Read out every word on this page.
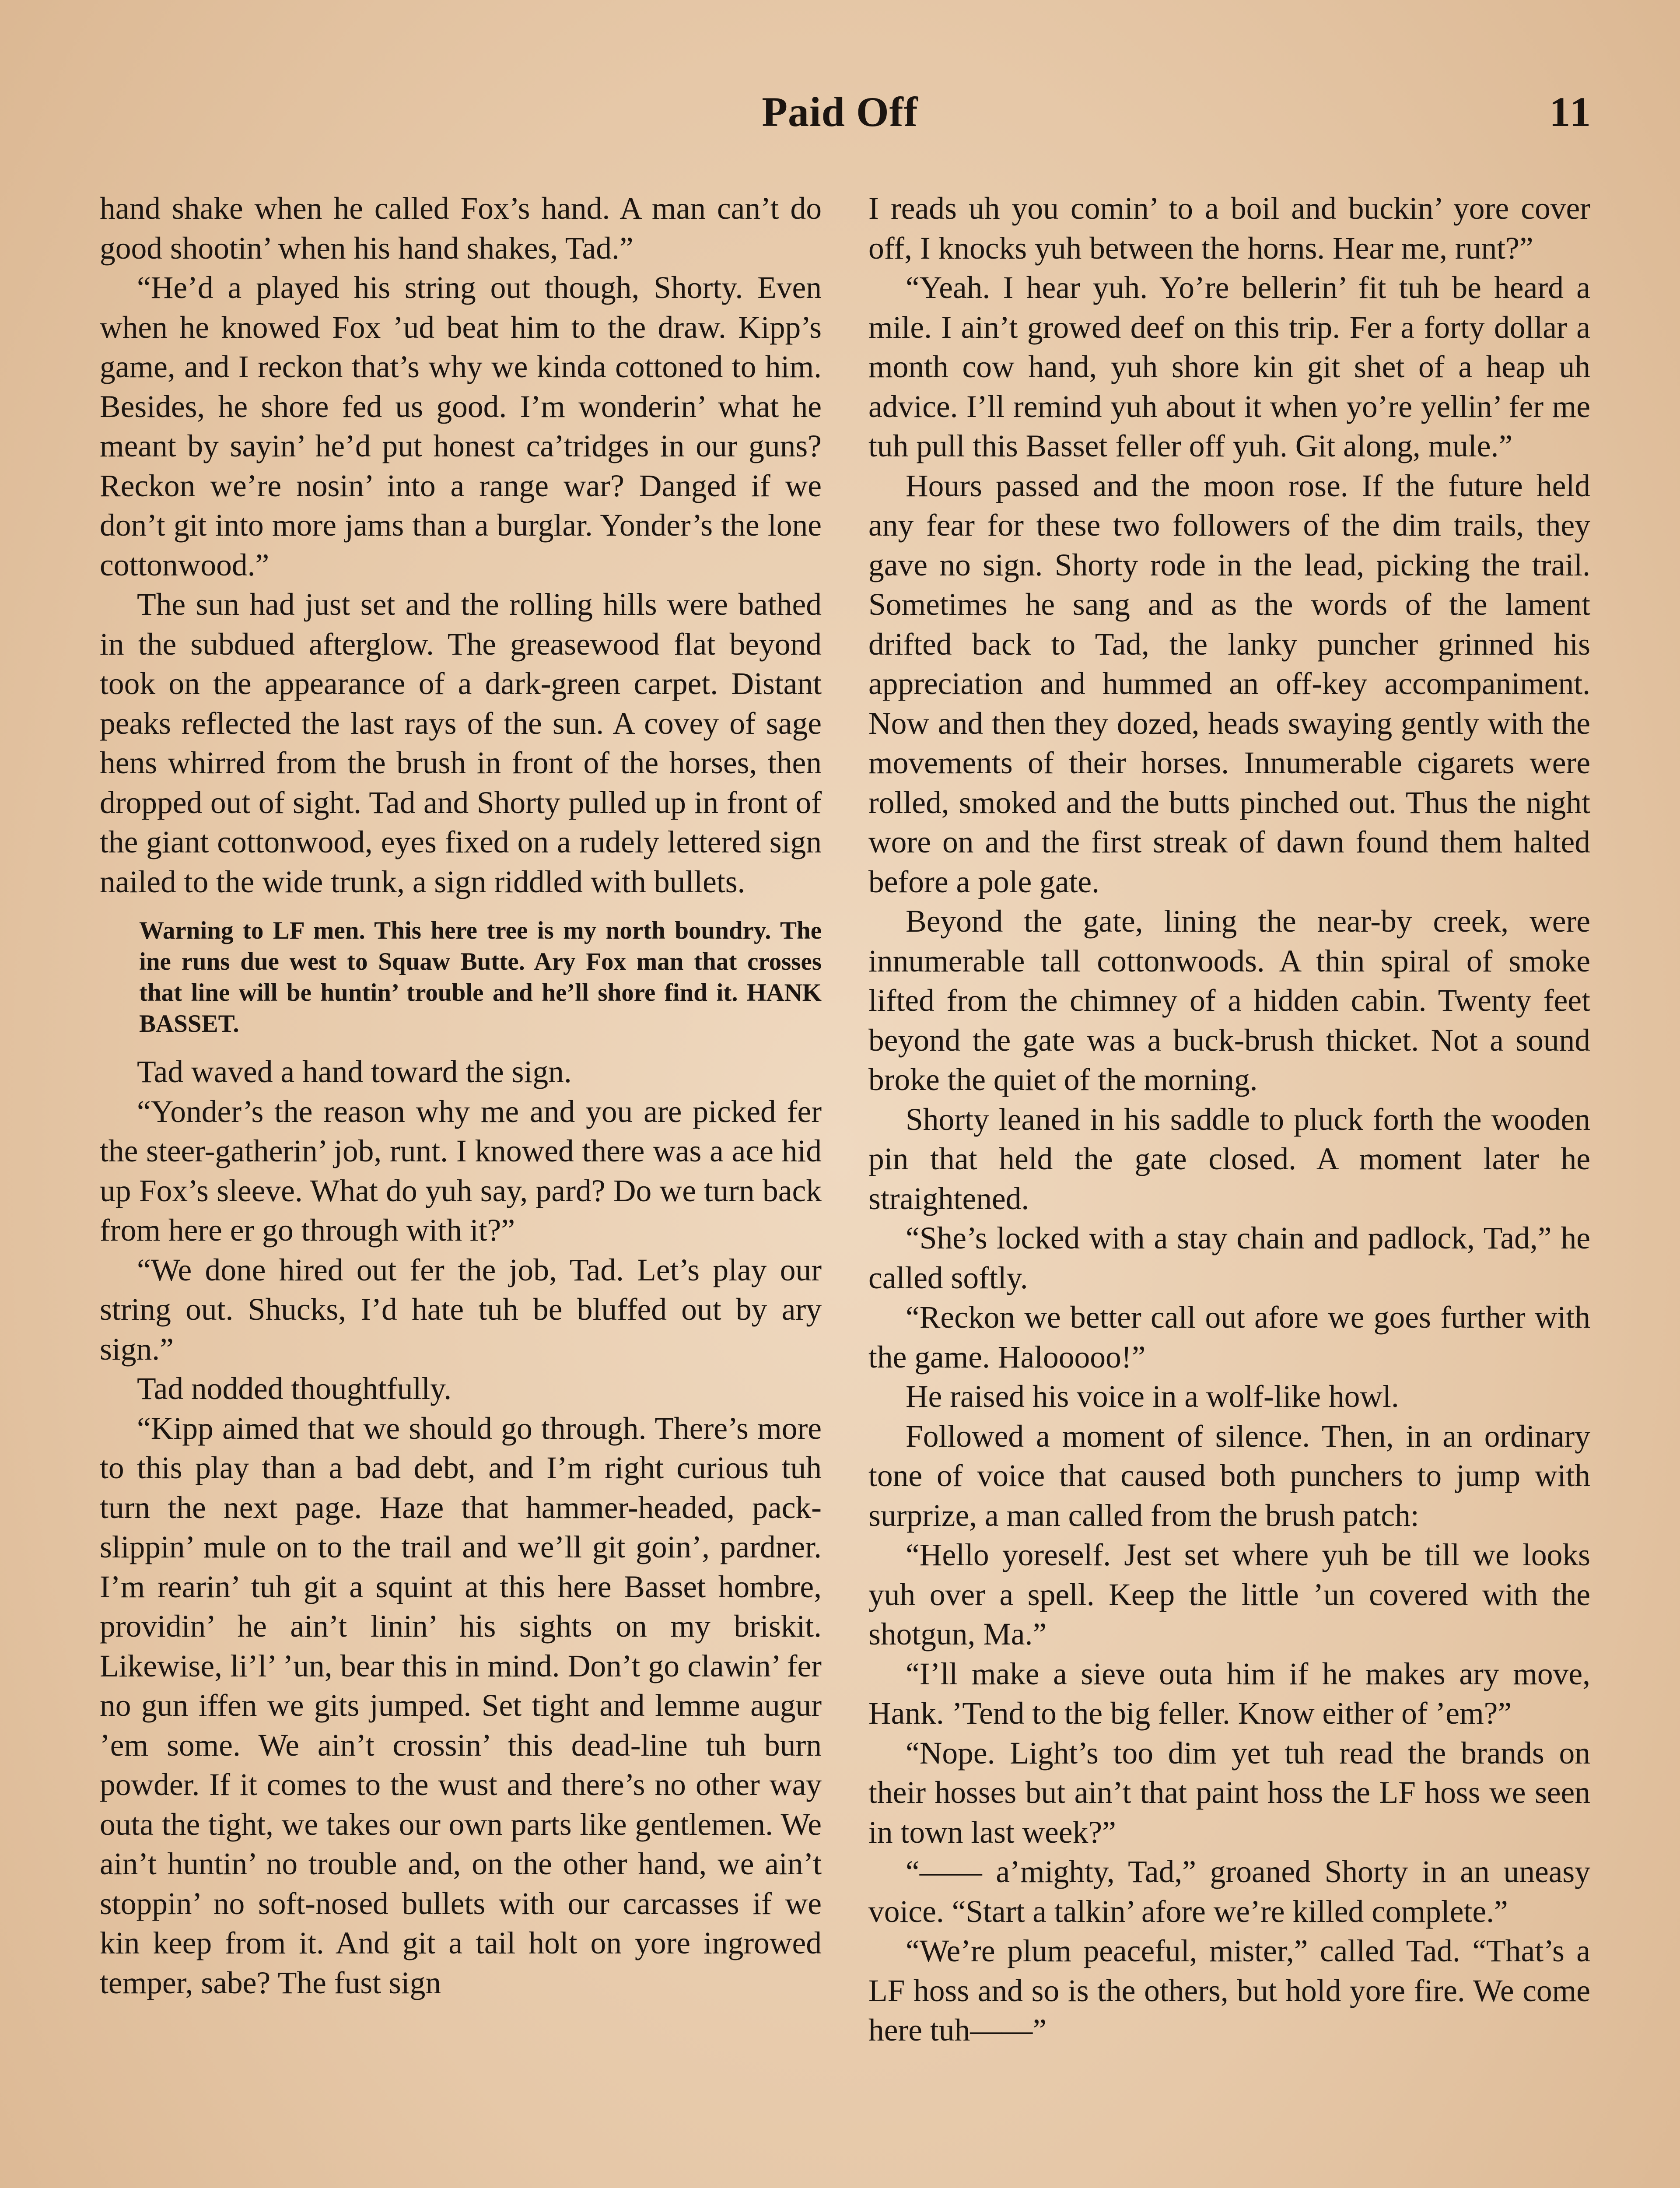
Paid Off	11

hand shake when he called Fox’s hand. A man can’t do good shootin’ when his hand shakes, Tad.”

“He’d a played his string out though, Shorty. Even when he knowed Fox ’ud beat him to the draw. Kipp’s game, and I reckon that’s why we kinda cottoned to him. Besides, he shore fed us good. I’m wonderin’ what he meant by sayin’ he’d put honest ca’tridges in our guns? Reckon we’re nosin’ into a range war? Danged if we don’t git into more jams than a burglar. Yonder’s the lone cottonwood.”

The sun had just set and the rolling hills were bathed in the subdued afterglow. The greasewood flat beyond took on the appearance of a dark-green carpet. Distant peaks reflected the last rays of the sun. A covey of sage hens whirred from the brush in front of the horses, then dropped out of sight. Tad and Shorty pulled up in front of the giant cottonwood, eyes fixed on a rudely lettered sign nailed to the wide trunk, a sign riddled with bullets.

Warning to LF men. This here tree is my north boundry. The ine runs due west to Squaw Butte. Ary Fox man that crosses that line will be huntin’ trouble and he’ll shore find it. HANK BASSET.

Tad waved a hand toward the sign.

“Yonder’s the reason why me and you are picked fer the steer-gatherin’ job, runt. I knowed there was a ace hid up Fox’s sleeve. What do yuh say, pard? Do we turn back from here er go through with it?”

“We done hired out fer the job, Tad. Let’s play our string out. Shucks, I’d hate tuh be bluffed out by ary sign.”

Tad nodded thoughtfully.

“Kipp aimed that we should go through. There’s more to this play than a bad debt, and I’m right curious tuh turn the next page. Haze that hammer-headed, pack-slippin’ mule on to the trail and we’ll git goin’, pardner. I’m rearin’ tuh git a squint at this here Basset hombre, providin’ he ain’t linin’ his sights on my briskit. Likewise, li’l’ ’un, bear this in mind. Don’t go clawin’ fer no gun iffen we gits jumped. Set tight and lemme augur ’em some. We ain’t crossin’ this dead-line tuh burn powder. If it comes to the wust and there’s no other way outa the tight, we takes our own parts like gentlemen. We ain’t huntin’ no trouble and, on the other hand, we ain’t stoppin’ no soft-nosed bullets with our carcasses if we kin keep from it. And git a tail holt on yore ingrowed temper, sabe? The fust sign

I reads uh you comin’ to a boil and buckin’ yore cover off, I knocks yuh between the horns. Hear me, runt?”

“Yeah. I hear yuh. Yo’re bellerin’ fit tuh be heard a mile. I ain’t growed deef on this trip. Fer a forty dollar a month cow hand, yuh shore kin git shet of a heap uh advice. I’ll remind yuh about it when yo’re yellin’ fer me tuh pull this Basset feller off yuh. Git along, mule.”

Hours passed and the moon rose. If the future held any fear for these two followers of the dim trails, they gave no sign. Shorty rode in the lead, picking the trail. Sometimes he sang and as the words of the lament drifted back to Tad, the lanky puncher grinned his appreciation and hummed an off-key accompaniment. Now and then they dozed, heads swaying gently with the movements of their horses. Innumerable cigarets were rolled, smoked and the butts pinched out. Thus the night wore on and the first streak of dawn found them halted before a pole gate.

Beyond the gate, lining the near-by creek, were innumerable tall cottonwoods. A thin spiral of smoke lifted from the chimney of a hidden cabin. Twenty feet beyond the gate was a buck-brush thicket. Not a sound broke the quiet of the morning.

Shorty leaned in his saddle to pluck forth the wooden pin that held the gate closed. A moment later he straightened.

“She’s locked with a stay chain and padlock, Tad,” he called softly.

“Reckon we better call out afore we goes further with the game. Halooooo!”

He raised his voice in a wolf-like howl.

Followed a moment of silence. Then, in an ordinary tone of voice that caused both punchers to jump with surprize, a man called from the brush patch:

“Hello yoreself. Jest set where yuh be till we looks yuh over a spell. Keep the little ’un covered with the shotgun, Ma.”

“I’ll make a sieve outa him if he makes ary move, Hank. ’Tend to the big feller. Know either of ’em?”

“Nope. Light’s too dim yet tuh read the brands on their hosses but ain’t that paint hoss the LF hoss we seen in town last week?”

“—— a’mighty, Tad,” groaned Shorty in an uneasy voice. “Start a talkin’ afore we’re killed complete.”

“We’re plum peaceful, mister,” called Tad. “That’s a LF hoss and so is the others, but hold yore fire. We come here tuh——”
